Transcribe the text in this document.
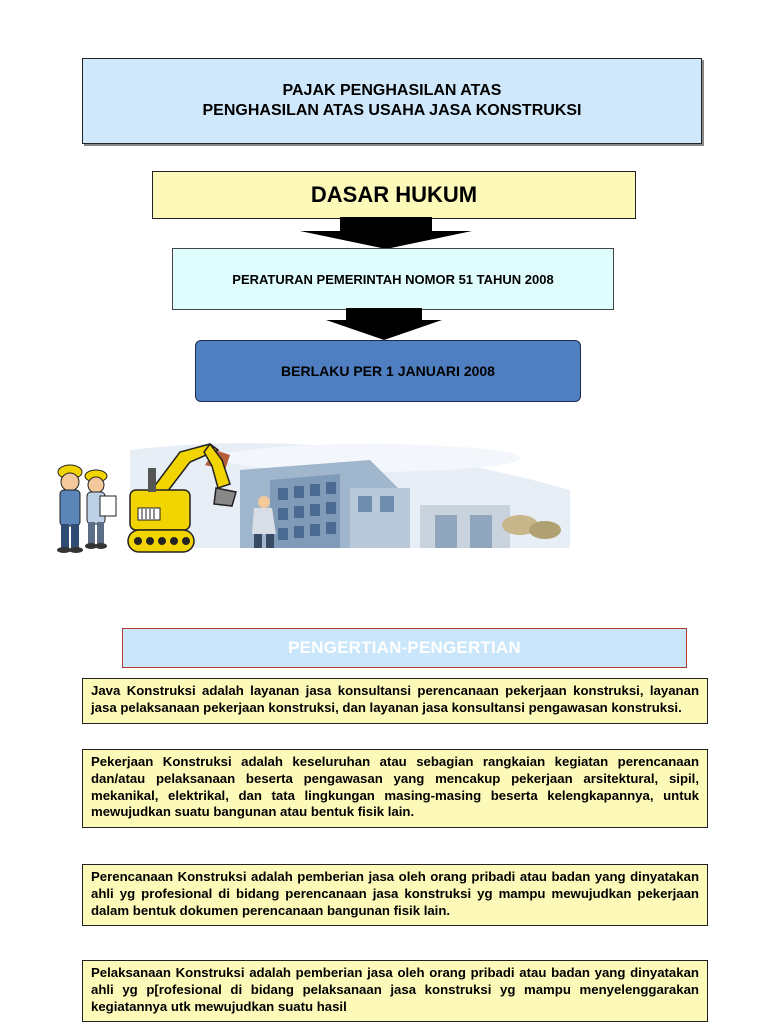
PAJAK PENGHASILAN ATAS
PENGHASILAN ATAS USAHA JASA KONSTRUKSI
DASAR HUKUM
PERATURAN PEMERINTAH NOMOR 51 TAHUN 2008
BERLAKU PER 1 JANUARI 2008
PENGERTIAN-PENGERTIAN
Java Konstruksi adalah layanan jasa konsultansi perencanaan pekerjaan konstruksi, layanan jasa pelaksanaan pekerjaan konstruksi, dan layanan jasa konsultansi pengawasan konstruksi.
Pekerjaan Konstruksi adalah keseluruhan atau sebagian rangkaian kegiatan perencanaan dan/atau pelaksanaan beserta pengawasan yang mencakup pekerjaan arsitektural, sipil, mekanikal, elektrikal, dan tata lingkungan masing-masing beserta kelengkapannya, untuk mewujudkan suatu bangunan atau bentuk fisik lain.
Perencanaan Konstruksi adalah pemberian jasa oleh orang pribadi atau badan yang dinyatakan ahli yg profesional di bidang perencanaan jasa konstruksi yg mampu mewujudkan pekerjaan dalam bentuk dokumen perencanaan bangunan fisik lain.
Pelaksanaan Konstruksi adalah pemberian jasa oleh orang pribadi atau badan yang dinyatakan ahli yg p[rofesional di bidang pelaksanaan jasa konstruksi yg mampu menyelenggarakan kegiatannya utk mewujudkan suatu hasil
